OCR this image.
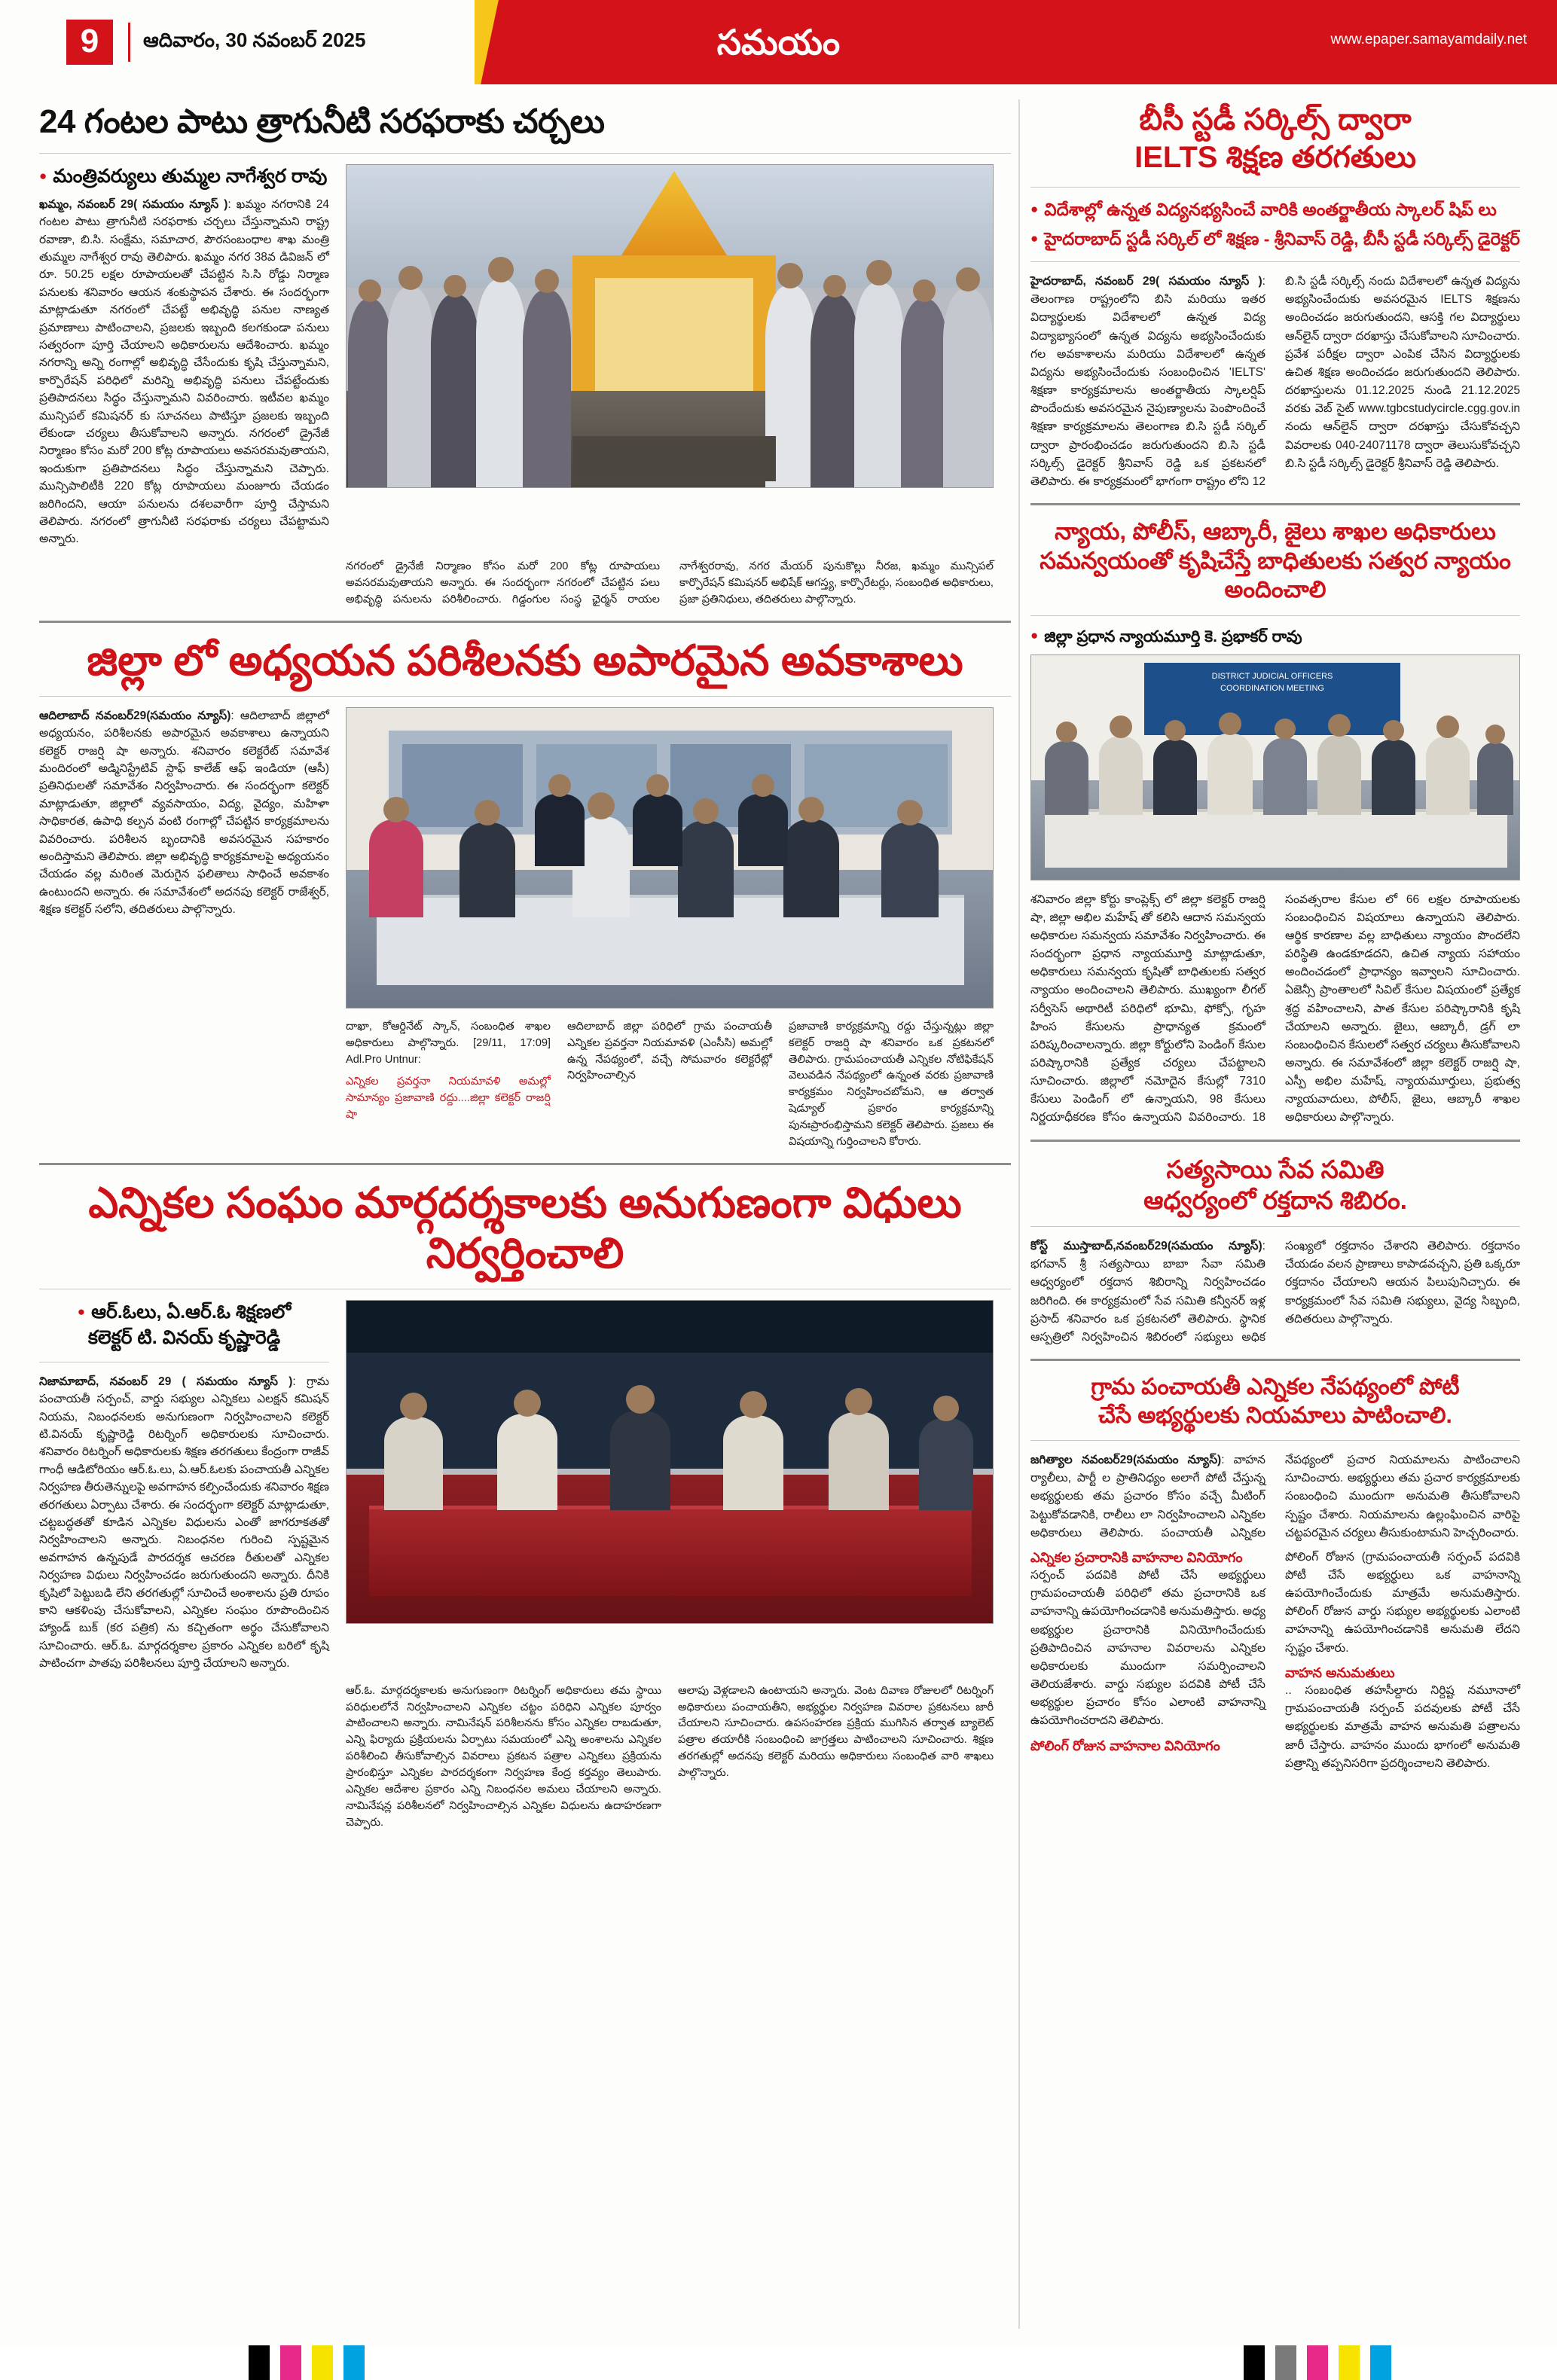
సమయం
9	ఆదివారం, 30 నవంబర్ 2025	www.epaper.samayamdaily.net
24 గంటల పాటు త్రాగునీటి సరఫరాకు చర్చలు
● మంత్రివర్యులు తుమ్మల నాగేశ్వర రావు
ఖమ్మం, నవంబర్ 29( సమయం న్యూస్ ): ఖమ్మం నగరానికి 24 గంటల పాటు త్రాగునీటి సరఫరాకు చర్చలు చేస్తున్నామని రాష్ట్ర రవాణా, బి.సి. సంక్షేమ, సమాచార, పౌరసంబంధాల శాఖ మంత్రి తుమ్మల నాగేశ్వర రావు తెలిపారు. ఖమ్మం నగర 38వ డివిజన్ లో రూ. 50.25 లక్షల రూపాయలతో చేపట్టిన సి.సి రోడ్డు నిర్మాణ పనులకు శనివారం ఆయన శంకుస్థాపన చేశారు. ఈ సందర్భంగా మాట్లాడుతూ నగరంలో చేపట్టే అభివృద్ధి పనుల నాణ్యత ప్రమాణాలు పాటించాలని, ప్రజలకు ఇబ్బంది కలగకుండా పనులు సత్వరంగా పూర్తి చేయాలని అధికారులను ఆదేశించారు. ఖమ్మం నగరాన్ని అన్ని రంగాల్లో అభివృద్ధి చేసేందుకు కృషి చేస్తున్నామని, కార్పొరేషన్ పరిధిలో మరిన్ని అభివృద్ధి పనులు చేపట్టేందుకు ప్రతిపాదనలు సిద్ధం చేస్తున్నామని వివరించారు. ఇటీవల ఖమ్మం మున్సిపల్ కమిషనర్ కు సూచనలు పాటిస్తూ ప్రజలకు ఇబ్బంది లేకుండా చర్యలు తీసుకోవాలని అన్నారు. నగరంలో డ్రైనేజీ నిర్మాణం కోసం మరో 200 కోట్ల రూపాయలు అవసరమవుతాయని, ఇందుకుగా ప్రతిపాదనలు సిద్ధం చేస్తున్నామని చెప్పారు. మున్సిపాలిటీకి 220 కోట్ల రూపాయలు మంజూరు చేయడం జరిగిందని, ఆయా పనులను దశలవారీగా పూర్తి చేస్తామని తెలిపారు. నగరంలో త్రాగునీటి సరఫరాకు చర్యలు చేపట్టామని అన్నారు.
నగరంలో డ్రైనేజీ నిర్మాణం కోసం మరో 200 కోట్ల రూపాయలు అవసరమవుతాయని అన్నారు. ఈ సందర్భంగా నగరంలో చేపట్టిన పలు అభివృద్ధి పనులను పరిశీలించారు. గిడ్డంగుల సంస్థ ఛైర్మన్ రాయల నాగేశ్వరరావు, నగర మేయర్ పునుకొల్లు నీరజ, ఖమ్మం మున్సిపల్ కార్పొరేషన్ కమిషనర్ అభిషేక్ ఆగస్త్య, కార్పొరేటర్లు, సంబంధిత అధికారులు, ప్రజా ప్రతినిధులు, తదితరులు పాల్గొన్నారు.
జిల్లా లో అధ్యయన పరిశీలనకు అపారమైన అవకాశాలు
ఆదిలాబాద్ నవంబర్29(సమయం న్యూస్): ఆదిలాబాద్ జిల్లాలో అధ్యయనం, పరిశీలనకు అపారమైన అవకాశాలు ఉన్నాయని కలెక్టర్ రాజర్షి షా అన్నారు. శనివారం కలెక్టరేట్ సమావేశ మందిరంలో అడ్మినిస్ట్రేటివ్ స్టాఫ్ కాలేజ్ ఆఫ్ ఇండియా (ఆసీ) ప్రతినిధులతో సమావేశం నిర్వహించారు. ఈ సందర్భంగా కలెక్టర్ మాట్లాడుతూ, జిల్లాలో వ్యవసాయం, విద్య, వైద్యం, మహిళా సాధికారత, ఉపాధి కల్పన వంటి రంగాల్లో చేపట్టిన కార్యక్రమాలను వివరించారు. పరిశీలన బృందానికి అవసరమైన సహకారం అందిస్తామని తెలిపారు. జిల్లా అభివృద్ధి కార్యక్రమాలపై అధ్యయనం చేయడం వల్ల మరింత మెరుగైన ఫలితాలు సాధించే అవకాశం ఉంటుందని అన్నారు. ఈ సమావేశంలో అదనపు కలెక్టర్ రాజేశ్వర్, శిక్షణ కలెక్టర్ సలోని, తదితరులు పాల్గొన్నారు.
దాఖా, కోఆర్డినేట్ స్కాన్, సంబంధిత శాఖల అధికారులు పాల్గొన్నారు. [29/11, 17:09] Adl.Pro Untnur:
ఎన్నికల ప్రవర్తనా నియమావళి అమల్లో సామాన్యం ప్రజావాణి రద్దు....జిల్లా కలెక్టర్ రాజర్షి షా
ఆదిలాబాద్ జిల్లా పరిధిలో గ్రామ పంచాయతీ ఎన్నికల ప్రవర్తనా నియమావళి (ఎంసీసి) అమల్లో ఉన్న నేపథ్యంలో, వచ్చే సోమవారం కలెక్టరేట్లో నిర్వహించాల్సిన
ప్రజావాణి కార్యక్రమాన్ని రద్దు చేస్తున్నట్లు జిల్లా కలెక్టర్ రాజర్షి షా శనివారం ఒక ప్రకటనలో తెలిపారు. గ్రామపంచాయతీ ఎన్నికల నోటిఫికేషన్ వెలువడిన నేపథ్యంలో ఉన్నంత వరకు ప్రజావాణి కార్యక్రమం నిర్వహించబోమని, ఆ తర్వాత షెడ్యూల్ ప్రకారం కార్యక్రమాన్ని పునఃప్రారంభిస్తామని కలెక్టర్ తెలిపారు. ప్రజలు ఈ విషయాన్ని గుర్తించాలని కోరారు.
ఎన్నికల సంఘం మార్గదర్శకాలకు అనుగుణంగా విధులు నిర్వర్తించాలి
● ఆర్.ఓలు, ఏ.ఆర్.ఓ శిక్షణలో
కలెక్టర్ టి. వినయ్ కృష్ణారెడ్డి
నిజామాబాద్, నవంబర్ 29 ( సమయం న్యూస్ ): గ్రామ పంచాయతీ సర్పంచ్, వార్డు సభ్యుల ఎన్నికలు ఎలక్షన్ కమిషన్ నియమ, నిబంధనలకు అనుగుణంగా నిర్వహించాలని కలెక్టర్ టి.వినయ్ కృష్ణారెడ్డి రిటర్నింగ్ అధికారులకు సూచించారు. శనివారం రిటర్నింగ్ అధికారులకు శిక్షణ తరగతులు కేంద్రంగా రాజీవ్ గాంధీ ఆడిటోరియం ఆర్.ఓ.లు, ఏ.ఆర్.ఓలకు పంచాయతీ ఎన్నికల నిర్వహణ తీరుతెన్నులపై అవగాహన కల్పించేందుకు శనివారం శిక్షణ తరగతులు ఏర్పాటు చేశారు. ఈ సందర్భంగా కలెక్టర్ మాట్లాడుతూ, చట్టబద్ధతతో కూడిన ఎన్నికల విధులను ఎంతో జాగరూకతతో నిర్వహించాలని అన్నారు. నిబంధనల గురించి స్పష్టమైన అవగాహన ఉన్నపుడే పారదర్శక ఆచరణ రీతులతో ఎన్నికల నిర్వహణ విధులు నిర్వహించడం జరుగుతుందని అన్నారు. దీనికి కృషిలో పెట్టుబడి లేని తరగతుల్లో సూచించే అంశాలను ప్రతి రూపం కాని ఆకళింపు చేసుకోవాలని, ఎన్నికల సంఘం రూపొందించిన హ్యాండ్ బుక్ (కర పత్రిక) ను కచ్చితంగా అర్థం చేసుకోవాలని సూచించారు. ఆర్.ఓ. మార్గదర్శకాల ప్రకారం ఎన్నికల బరిలో కృషి పాటించగా పాతపు పరిశీలనలు పూర్తి చేయాలని అన్నారు.
ఆర్.ఓ. మార్గదర్శకాలకు అనుగుణంగా రిటర్నింగ్ అధికారులు తమ స్థాయి పరిధులలోనే నిర్వహించాలని ఎన్నికల చట్టం పరిధిని ఎన్నికల పూర్వం పాటించాలని అన్నారు. నామినేషన్ పరిశీలనను కోసం ఎన్నికల రాబడుతూ, ఎన్ని ఫిర్యాదు ప్రక్రియలను ఏర్పాటు సమయంలో ఎన్ని అంశాలను ఎన్నికల పరిశీలించి తీసుకోవాల్సిన వివరాలు ప్రకటన పత్రాల ఎన్నికలు ప్రక్రియను ప్రారంభిస్తూ ఎన్నికల పారదర్శకంగా నిర్వహణ కేంద్ర కర్తవ్యం తెలుపారు. ఎన్నికల ఆదేశాల ప్రకారం ఎన్ని నిబంధనల అమలు చేయాలని అన్నారు. నామినేషన్ల పరిశీలనలో నిర్వహించాల్సిన ఎన్నికల విధులను ఉదాహరణగా చెప్పారు.
ఆలాపు వెళ్లడాలని ఉంటాయని అన్నారు. వెంట దివాణ రోజులలో రిటర్నింగ్ అధికారులు పంచాయతీని, అభ్యర్థుల నిర్వహణ వివరాల ప్రకటనలు జారీ చేయాలని సూచించారు. ఉపసంహరణ ప్రక్రియ ముగిసిన తర్వాత బ్యాలెట్ పత్రాల తయారీకి సంబంధించి జాగ్రత్తలు పాటించాలని సూచించారు. శిక్షణ తరగతుల్లో అదనపు కలెక్టర్ మరియు అధికారులు సంబంధిత వారి శాఖలు పాల్గొన్నారు.
బీసీ స్టడీ సర్కిల్స్ ద్వారా
IELTS శిక్షణ తరగతులు
● విదేశాల్లో ఉన్నత విద్యనభ్యసించే వారికి అంతర్జాతీయ స్కాలర్ షిప్ లు
● హైదరాబాద్ స్టడీ సర్కిల్ లో శిక్షణ - శ్రీనివాస్ రెడ్డి, బీసీ స్టడీ సర్కిల్స్ డైరెక్టర్
హైదరాబాద్, నవంబర్ 29( సమయం న్యూస్ ): తెలంగాణ రాష్ట్రంలోని బిసి మరియు ఇతర విద్యార్థులకు విదేశాలలో ఉన్నత విద్య విద్యాభ్యాసంలో ఉన్నత విద్యను అభ్యసించేందుకు గల అవకాశాలను మరియు విదేశాలలో ఉన్నత విద్యను అభ్యసించేందుకు సంబంధించిన 'IELTS' శిక్షణా కార్యక్రమాలను అంతర్జాతీయ స్కాలర్షిప్ పొందేందుకు అవసరమైన నైపుణ్యాలను పెంపొందించే శిక్షణా కార్యక్రమాలను తెలంగాణ బి.సి స్టడీ సర్కిల్ ద్వారా ప్రారంభించడం జరుగుతుందని బి.సి స్టడీ సర్కిల్స్ డైరెక్టర్ శ్రీనివాస్ రెడ్డి ఒక ప్రకటనలో తెలిపారు. ఈ కార్యక్రమంలో భాగంగా రాష్ట్రం లోని 12 బి.సి స్టడీ సర్కిల్స్ నందు విదేశాలలో ఉన్నత విద్యను అభ్యసించేందుకు అవసరమైన IELTS శిక్షణను అందించడం జరుగుతుందని, ఆసక్తి గల విద్యార్థులు ఆన్‌లైన్ ద్వారా దరఖాస్తు చేసుకోవాలని సూచించారు. ప్రవేశ పరీక్షల ద్వారా ఎంపిక చేసిన విద్యార్థులకు ఉచిత శిక్షణ అందించడం జరుగుతుందని తెలిపారు. దరఖాస్తులను 01.12.2025 నుండి 21.12.2025 వరకు వెబ్ సైట్ www.tgbcstudycircle.cgg.gov.in నందు ఆన్‌లైన్ ద్వారా దరఖాస్తు చేసుకోవచ్చని వివరాలకు 040-24071178 ద్వారా తెలుసుకోవచ్చని బి.సి స్టడీ సర్కిల్స్ డైరెక్టర్ శ్రీనివాస్ రెడ్డి తెలిపారు.
న్యాయ, పోలీస్, ఆబ్కారీ, జైలు శాఖల అధికారులు సమన్వయంతో కృషిచేస్తే బాధితులకు సత్వర న్యాయం అందించాలి
● జిల్లా ప్రధాన న్యాయమూర్తి కె. ప్రభాకర్ రావు
DISTRICT JUDICIAL OFFICERS
COORDINATION MEETING
శనివారం జిల్లా కోర్టు కాంప్లెక్స్ లో జిల్లా కలెక్టర్ రాజర్షి షా, జిల్లా అభిల మహేష్ తో కలిసి ఆదాన సమన్వయ అధికారుల సమన్వయ సమావేశం నిర్వహించారు. ఈ సందర్భంగా ప్రధాన న్యాయమూర్తి మాట్లాడుతూ, అధికారులు సమన్వయ కృషితో బాధితులకు సత్వర న్యాయం అందించాలని తెలిపారు. ముఖ్యంగా లీగల్ సర్వీసెస్ అథారిటీ పరిధిలో భూమి, ఫోక్సో, గృహ హింస కేసులను ప్రాధాన్యత క్రమంలో పరిష్కరించాలన్నారు. జిల్లా కోర్టులోని పెండింగ్ కేసుల పరిష్కారానికి ప్రత్యేక చర్యలు చేపట్టాలని సూచించారు. జిల్లాలో నమోదైన కేసుల్లో 7310 కేసులు పెండింగ్ లో ఉన్నాయని, 98 కేసులు నిర్ణయాధీకరణ కోసం ఉన్నాయని వివరించారు. 18 సంవత్సరాల కేసుల లో 66 లక్షల రూపాయలకు సంబంధించిన విషయాలు ఉన్నాయని తెలిపారు. ఆర్థిక కారణాల వల్ల బాధితులు న్యాయం పొందలేని పరిస్థితి ఉండకూడదని, ఉచిత న్యాయ సహాయం అందించడంలో ప్రాధాన్యం ఇవ్వాలని సూచించారు. ఏజెన్సీ ప్రాంతాలలో సివిల్ కేసుల విషయంలో ప్రత్యేక శ్రద్ధ వహించాలని, పాత కేసుల పరిష్కారానికి కృషి చేయాలని అన్నారు. జైలు, ఆబ్కారీ, డ్రగ్ లా సంబంధించిన కేసులలో సత్వర చర్యలు తీసుకోవాలని అన్నారు. ఈ సమావేశంలో జిల్లా కలెక్టర్ రాజర్షి షా, ఎస్పీ అభిల మహేష్, న్యాయమూర్తులు, ప్రభుత్వ న్యాయవాదులు, పోలీస్, జైలు, ఆబ్కారీ శాఖల అధికారులు పాల్గొన్నారు.
సత్యసాయి సేవ సమితి
ఆధ్వర్యంలో రక్తదాన శిబిరం.
కోస్ట్ ముస్తాబాద్,నవంబర్29(సమయం న్యూస్): భగవాన్ శ్రీ సత్యసాయి బాబా సేవా సమితి ఆధ్వర్యంలో రక్తదాన శిబిరాన్ని నిర్వహించడం జరిగింది. ఈ కార్యక్రమంలో సేవ సమితి కన్వీనర్ ఇళ్ల ప్రసాద్ శనివారం ఒక ప్రకటనలో తెలిపారు. స్థానిక ఆస్పత్రిలో నిర్వహించిన శిబిరంలో సభ్యులు అధిక సంఖ్యలో రక్తదానం చేశారని తెలిపారు. రక్తదానం చేయడం వలన ప్రాణాలు కాపాడవచ్చని, ప్రతి ఒక్కరూ రక్తదానం చేయాలని ఆయన పిలుపునిచ్చారు. ఈ కార్యక్రమంలో సేవ సమితి సభ్యులు, వైద్య సిబ్బంది, తదితరులు పాల్గొన్నారు.
గ్రామ పంచాయతీ ఎన్నికల నేపథ్యంలో పోటీ
చేసే అభ్యర్థులకు నియమాలు పాటించాలి.
జగిత్యాల నవంబర్29(సమయం న్యూస్): వాహన ర్యాలీలు, పార్టీ ల ప్రాతినిధ్యం అలాగే పోటీ చేస్తున్న అభ్యర్థులకు తమ ప్రచారం కోసం వచ్చే మీటింగ్ పెట్టుకోవడానికి, రాలీలు లా నిర్వహించాలని ఎన్నికల అధికారులు తెలిపారు. పంచాయతీ ఎన్నికల నేపథ్యంలో ప్రచార నియమాలను పాటించాలని సూచించారు. అభ్యర్థులు తమ ప్రచార కార్యక్రమాలకు సంబంధించి ముందుగా అనుమతి తీసుకోవాలని స్పష్టం చేశారు. నియమాలను ఉల్లంఘించిన వారిపై చట్టపరమైన చర్యలు తీసుకుంటామని హెచ్చరించారు.
ఎన్నికల ప్రచారానికి వాహనాల వినియోగం
సర్పంచ్ పదవికి పోటీ చేసే అభ్యర్థులు గ్రామపంచాయతీ పరిధిలో తమ ప్రచారానికి ఒక వాహనాన్ని ఉపయోగించడానికి అనుమతిస్తారు. అధ్య అభ్యర్థుల ప్రచారానికి వినియోగించేందుకు ప్రతిపాదించిన వాహనాల వివరాలను ఎన్నికల అధికారులకు ముందుగా సమర్పించాలని తెలియజేశారు. వార్డు సభ్యుల పదవికి పోటీ చేసే అభ్యర్థుల ప్రచారం కోసం ఎలాంటి వాహనాన్ని ఉపయోగించరాదని తెలిపారు.
పోలింగ్ రోజున వాహనాల వినియోగం
పోలింగ్ రోజున (గ్రామపంచాయతీ సర్పంచ్ పదవికి పోటీ చేసే అభ్యర్థులు ఒక వాహనాన్ని ఉపయోగించేందుకు మాత్రమే అనుమతిస్తారు. పోలింగ్ రోజున వార్డు సభ్యుల అభ్యర్థులకు ఎలాంటి వాహనాన్ని ఉపయోగించడానికి అనుమతి లేదని స్పష్టం చేశారు.
వాహన అనుమతులు
.. సంబంధిత తహసీల్దారు నిర్దిష్ట నమూనాలో గ్రామపంచాయతీ సర్పంచ్ పదవులకు పోటీ చేసే అభ్యర్థులకు మాత్రమే వాహన అనుమతి పత్రాలను జారీ చేస్తారు. వాహనం ముందు భాగంలో అనుమతి పత్రాన్ని తప్పనిసరిగా ప్రదర్శించాలని తెలిపారు.
